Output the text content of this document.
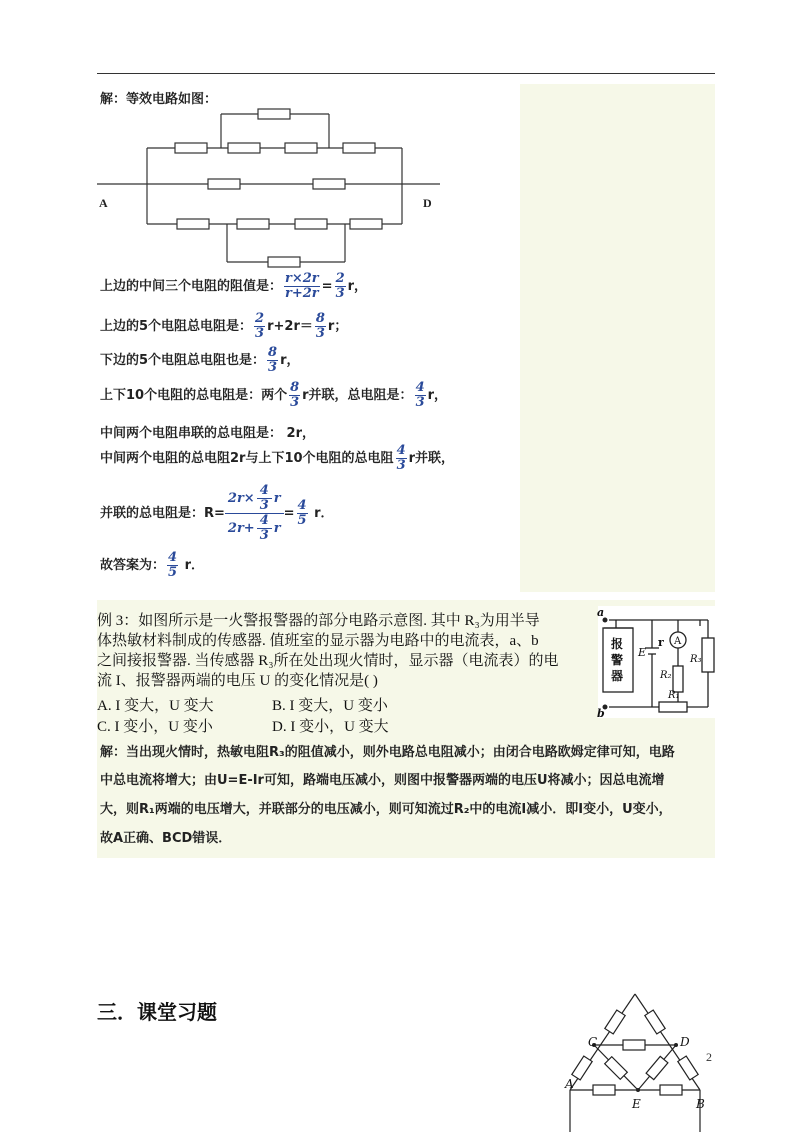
解：等效电路如图：
A	D
上边的中间三个电阻的阻值是： $\frac{r\times 2r}{r+2r} = \frac{2}{3}$ r，
上边的5个电阻总电阻是： $\frac{2}{3} r+2r= \frac{8}{3}$ r；
下边的5个电阻总电阻也是： $\frac{8}{3}$ r，
上下10个电阻的总电阻是：两个 $\frac{8}{3}$ r并联，总电阻是： $\frac{4}{3}$ r，
中间两个电阻串联的总电阻是： 2r，
中间两个电阻的总电阻2r与上下10个电阻的总电阻 $\frac{4}{3}$ r并联，
并联的总电阻是：$R= \frac{2r\times \frac{4}{3} r}{2r+ \frac{4}{3} r} = \frac{4}{5}$ r．
故答案为： $\frac{4}{5}$ r．
例 3：如图所示是一火警报警器的部分电路示意图. 其中 R₃为用半导
体热敏材料制成的传感器. 值班室的显示器为电路中的电流表，a、b
之间接报警器. 当传感器 R₃所在处出现火情时，显示器（电流表）的电
流 I、报警器两端的电压 U 的变化情况是( )
A. I 变大，U 变大	B. I 变大，U 变小
C. I 变小，U 变小	D. I 变小，U 变大
a
b
报
警
器
E
r A
R₂
R₁
R₃
解：当出现火情时，热敏电阻R₃的阻值减小，则外电路总电阻减小；由闭合电路欧姆定律可知，电路
中总电流将增大；由U=E-Ir可知，路端电压减小，则图中报警器两端的电压U将减小；因总电流增
大，则R₁两端的电压增大，并联部分的电压减小，则可知流过R₂中的电流I减小．即I变小，U变小，
故A正确、BCD错误．
三．课堂习题
C	D
A
E	B
2
